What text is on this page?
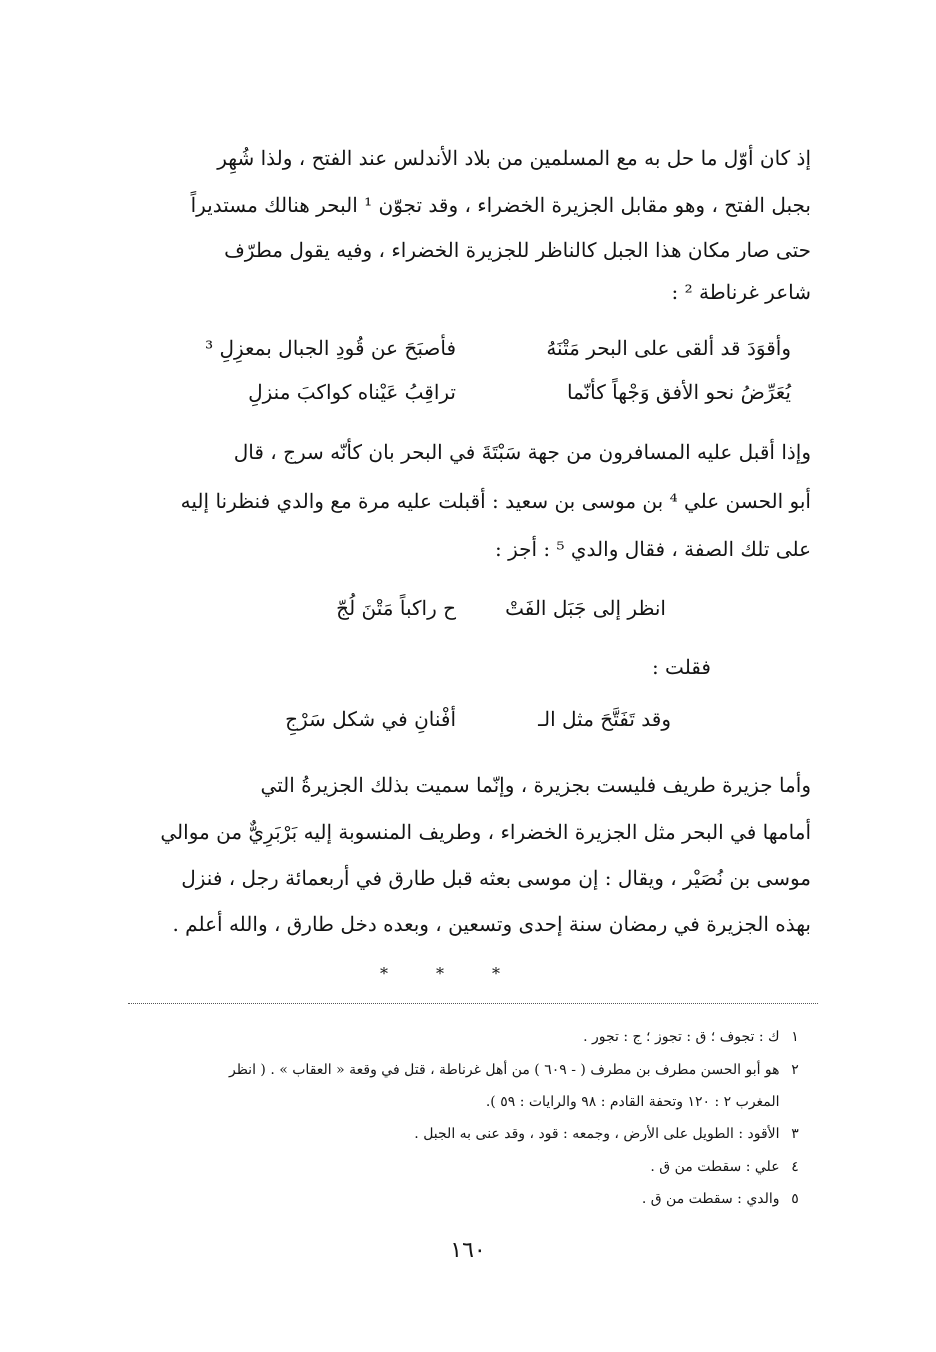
إذ كان أوّل ما حل به مع المسلمين من بلاد الأندلس عند الفتح ، ولذا شُهِر
بجبل الفتح ، وهو مقابل الجزيرة الخضراء ، وقد تجوّن ¹ البحر هنالك مستديراً
حتى صار مكان هذا الجبل كالناظر للجزيرة الخضراء ، وفيه يقول مطرّف
شاعر غرناطة ² :
وأقوَدَ قد ألقى على البحر مَتْنَهُ
فأصبَحَ عن قُودِ الجبال بمعزِلِ ³
يُعَرِّضُ نحو الأفق وَجْهاً كأنّما
تراقِبُ عَيْناه كواكبَ منزلِ
وإذا أقبل عليه المسافرون من جهة سَبْتَةَ في البحر بان كأنّه سرج ، قال
أبو الحسن علي ⁴ بن موسى بن سعيد : أقبلت عليه مرة مع والدي فنظرنا إليه
على تلك الصفة ، فقال والدي ⁵ : أجز :
انظر إلى جَبَل الفَتْ
ح راكباً مَتْنَ لُجّ
فقلت :
وقد تَفَتَّحَ مثل الـ
أفْنانِ في شكل سَرْجِ
وأما جزيرة طريف فليست بجزيرة ، وإنّما سميت بذلك الجزيرةُ التي
أمامها في البحر مثل الجزيرة الخضراء ، وطريف المنسوبة إليه بَرْبَرِيٌّ من موالي
موسى بن نُصَيْر ، ويقال : إن موسى بعثه قبل طارق في أربعمائة رجل ، فنزل
بهذه الجزيرة في رمضان سنة إحدى وتسعين ، وبعده دخل طارق ، والله أعلم .
*	*	*
١ ك : تجوف ؛ ق : تجوز ؛ ج : تجور .
٢ هو أبو الحسن مطرف بن مطرف ( - ٦٠٩ ) من أهل غرناطة ، قتل في وقعة « العقاب » . ( انظر
المغرب ٢ : ١٢٠ وتحفة القادم : ٩٨ والرايات : ٥٩ ).
٣ الأقود : الطويل على الأرض ، وجمعه : قود ، وقد عنى به الجبل .
٤ علي : سقطت من ق .
٥ والدي : سقطت من ق .
١٦٠
